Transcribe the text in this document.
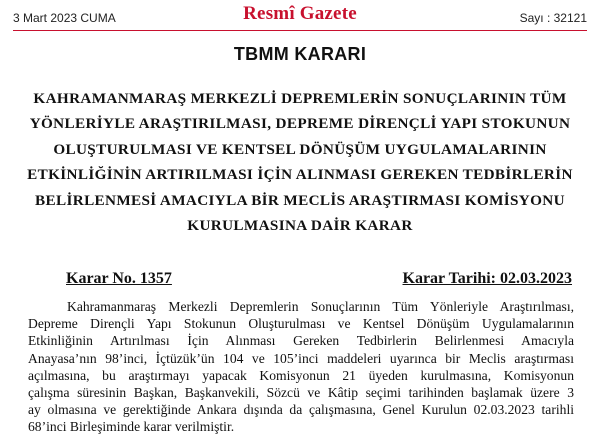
3 Mart 2023 CUMA	Resmî Gazete	Sayı : 32121
TBMM KARARI
KAHRAMANMARAŞ MERKEZLİ DEPREMLERİN SONUÇLARININ TÜM
YÖNLERİYLE ARAŞTIRILMASI, DEPREME DİRENÇLİ YAPI STOKUNUN
OLUŞTURULMASI VE KENTSEL DÖNÜŞÜM UYGULAMALARININ
ETKİNLİĞİNİN ARTIRILMASI İÇİN ALINMASI GEREKEN TEDBİRLERİN
BELİRLENMESİ AMACIYLA BİR MECLİS ARAŞTIRMASI KOMİSYONU
KURULMASINA DAİR KARAR
Karar No. 1357	Karar Tarihi: 02.03.2023
Kahramanmaraş Merkezli Depremlerin Sonuçlarının Tüm Yönleriyle Araştırılması,
Depreme Dirençli Yapı Stokunun Oluşturulması ve Kentsel Dönüşüm Uygulamalarının
Etkinliğinin Artırılması İçin Alınması Gereken Tedbirlerin Belirlenmesi Amacıyla
Anayasa’nın 98’inci, İçtüzük’ün 104 ve 105’inci maddeleri uyarınca bir Meclis araştırması
açılmasına, bu araştırmayı yapacak Komisyonun 21 üyeden kurulmasına, Komisyonun
çalışma süresinin Başkan, Başkanvekili, Sözcü ve Kâtip seçimi tarihinden başlamak üzere 3
ay olmasına ve gerektiğinde Ankara dışında da çalışmasına, Genel Kurulun 02.03.2023 tarihli
68’inci Birleşiminde karar verilmiştir.
